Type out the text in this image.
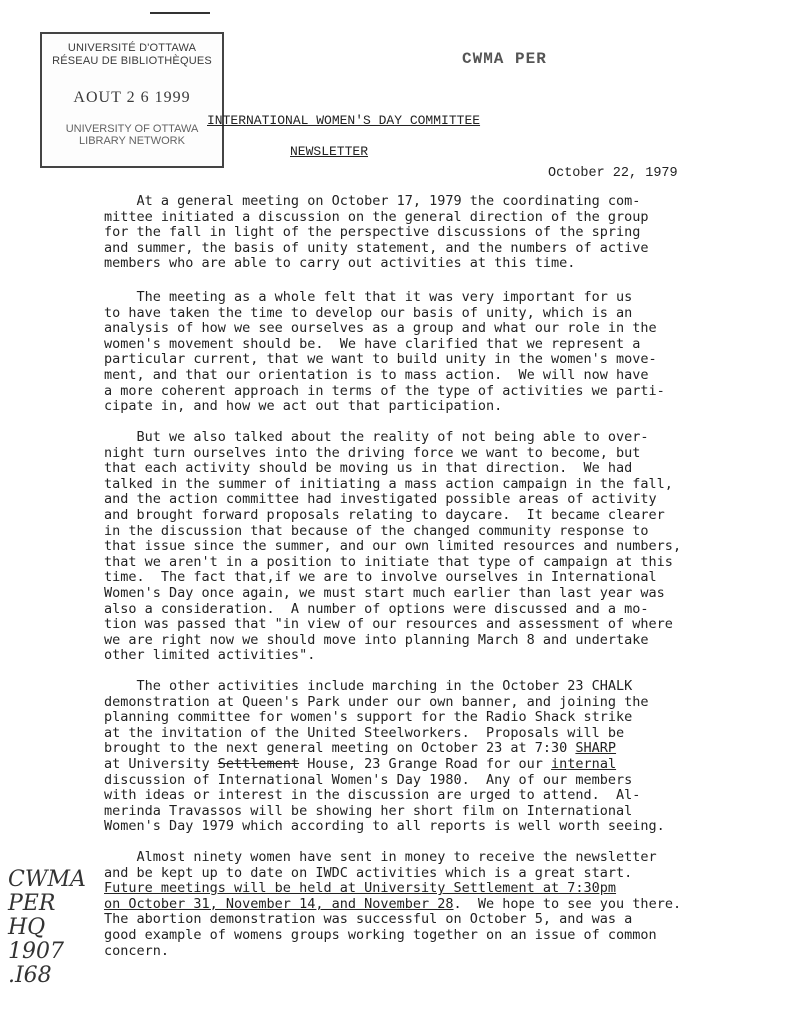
UNIVERSITÉ D'OTTAWA
RÉSEAU DE BIBLIOTHÈQUES
AOUT 2 6 1999
UNIVERSITY OF OTTAWA
LIBRARY NETWORK
CWMA PER
INTERNATIONAL WOMEN'S DAY COMMITTEE
NEWSLETTER
October 22, 1979
At a general meeting on October 17, 1979 the coordinating com-
mittee initiated a discussion on the general direction of the group
for the fall in light of the perspective discussions of the spring
and summer, the basis of unity statement, and the numbers of active
members who are able to carry out activities at this time.
The meeting as a whole felt that it was very important for us
to have taken the time to develop our basis of unity, which is an
analysis of how we see ourselves as a group and what our role in the
women's movement should be.  We have clarified that we represent a
particular current, that we want to build unity in the women's move-
ment, and that our orientation is to mass action.  We will now have
a more coherent approach in terms of the type of activities we parti-
cipate in, and how we act out that participation.
But we also talked about the reality of not being able to over-
night turn ourselves into the driving force we want to become, but
that each activity should be moving us in that direction.  We had
talked in the summer of initiating a mass action campaign in the fall,
and the action committee had investigated possible areas of activity
and brought forward proposals relating to daycare.  It became clearer
in the discussion that because of the changed community response to
that issue since the summer, and our own limited resources and numbers,
that we aren't in a position to initiate that type of campaign at this
time.  The fact that,if we are to involve ourselves in International
Women's Day once again, we must start much earlier than last year was
also a consideration.  A number of options were discussed and a mo-
tion was passed that "in view of our resources and assessment of where
we are right now we should move into planning March 8 and undertake
other limited activities".
The other activities include marching in the October 23 CHALK
demonstration at Queen's Park under our own banner, and joining the
planning committee for women's support for the Radio Shack strike
at the invitation of the United Steelworkers.  Proposals will be
brought to the next general meeting on October 23 at 7:30 SHARP
at University Settlement House, 23 Grange Road for our internal
discussion of International Women's Day 1980.  Any of our members
with ideas or interest in the discussion are urged to attend.  Al-
merinda Travassos will be showing her short film on International
Women's Day 1979 which according to all reports is well worth seeing.
Almost ninety women have sent in money to receive the newsletter
and be kept up to date on IWDC activities which is a great start.
Future meetings will be held at University Settlement at 7:30pm
on October 31, November 14, and November 28.  We hope to see you there.
The abortion demonstration was successful on October 5, and was a
good example of womens groups working together on an issue of common
concern.
CWMA
PER
HQ
1907
.I68
